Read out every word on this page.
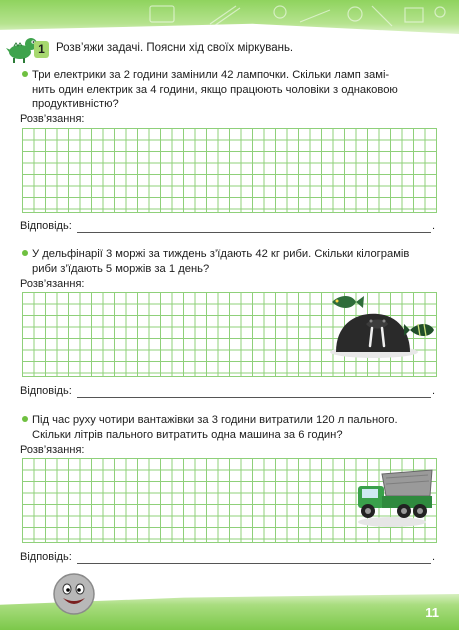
1 Розв’яжи задачі. Поясни хід своїх міркувань.
Три електрики за 2 години замінили 42 лампочки. Скільки ламп замі-
нить один електрик за 4 години, якщо працюють чоловіки з однаковою
продуктивністю?
Розв’язання:
Відповідь:	.
У дельфінарії 3 моржі за тиждень з’їдають 42 кг риби. Скільки кілограмів
риби з’їдають 5 моржів за 1 день?
Розв’язання:
Відповідь:	.
Під час руху чотири вантажівки за 3 години витратили 120 л пального.
Скільки літрів пального витратить одна машина за 6 годин?
Розв’язання:
Відповідь:	.
11
